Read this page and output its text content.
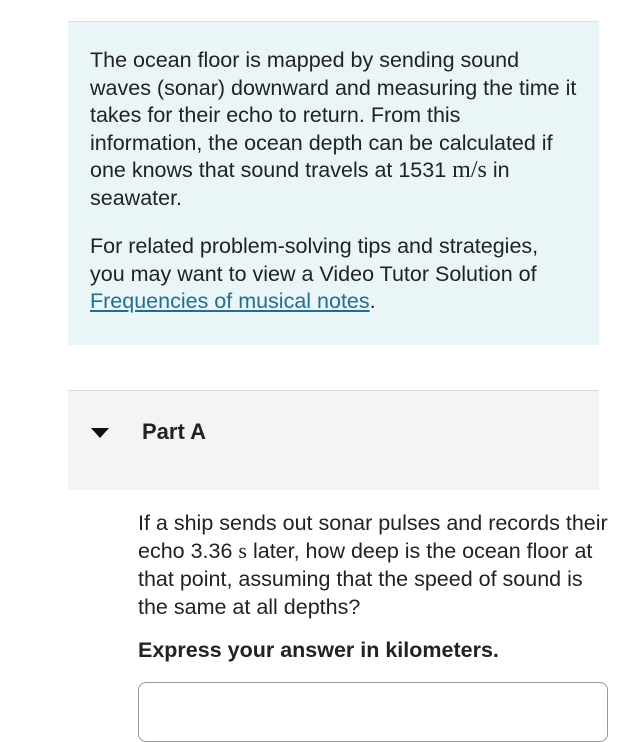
The ocean floor is mapped by sending sound waves (sonar) downward and measuring the time it takes for their echo to return. From this information, the ocean depth can be calculated if one knows that sound travels at 1531 m/s in seawater.

For related problem-solving tips and strategies, you may want to view a Video Tutor Solution of Frequencies of musical notes.

Part A

If a ship sends out sonar pulses and records their echo 3.36 s later, how deep is the ocean floor at that point, assuming that the speed of sound is the same at all depths?

Express your answer in kilometers.
